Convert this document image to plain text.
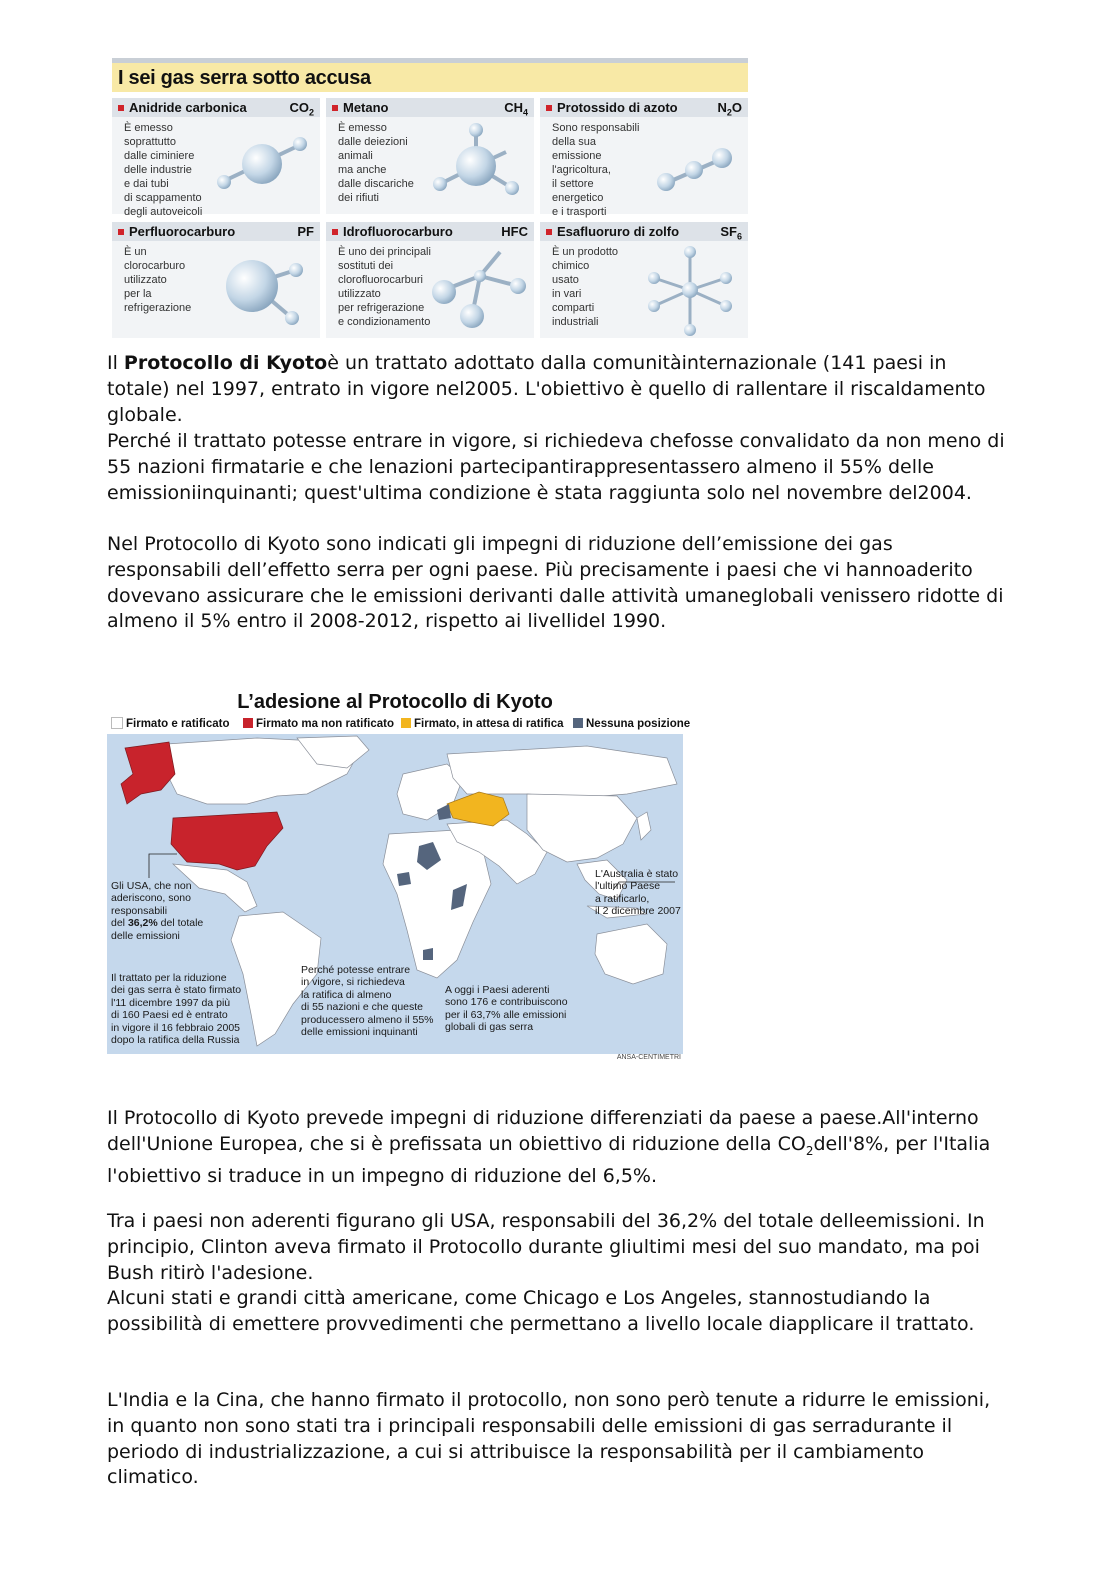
I sei gas serra sotto accusa
Anidride carbonica	$CO_2$
È emesso
soprattutto
dalle ciminiere
delle industrie
e dai tubi
di scappamento
degli autoveicoli
Metano	$CH_4$
È emesso
dalle deiezioni
animali
ma anche
dalle discariche
dei rifiuti
Protossido di azoto	$N_2O$
Sono responsabili
della sua
emissione
l'agricoltura,
il settore
energetico
e i trasporti
Perfluorocarburo	PF
È un
clorocarburo
utilizzato
per la
refrigerazione
Idrofluorocarburo	HFC
È uno dei principali
sostituti dei
clorofluorocarburi
utilizzato
per refrigerazione
e condizionamento
Esafluoruro di zolfo	$SF_6$
È un prodotto
chimico
usato
in vari
comparti
industriali

Il Protocollo di Kyotoè un trattato adottato dalla comunitàinternazionale (141 paesi in totale) nel 1997, entrato in vigore nel2005. L'obiettivo è quello di rallentare il riscaldamento globale.

Perché il trattato potesse entrare in vigore, si richiedeva chefosse convalidato da non meno di 55 nazioni firmatarie e che lenazioni partecipantirappresentassero almeno il 55% delle emissioniinquinanti; quest'ultima condizione è stata raggiunta solo nel novembre del2004.

Nel Protocollo di Kyoto sono indicati gli impegni di riduzione dell’emissione dei gas responsabili dell’effetto serra per ogni paese. Più precisamente i paesi che vi hannoaderito dovevano assicurare che le emissioni derivanti dalle attività umaneglobali venissero ridotte di almeno il 5% entro il 2008-2012, rispetto ai livellidel 1990.

L’adesione al Protocollo di Kyoto
Firmato e ratificato	Firmato ma non ratificato	Firmato, in attesa di ratifica	Nessuna posizione
Gli USA, che non
aderiscono, sono
responsabili
del 36,2% del totale
delle emissioni
L'Australia è stato
l'ultimo Paese
a ratificarlo,
il 2 dicembre 2007
Il trattato per la riduzione
dei gas serra è stato firmato
l'11 dicembre 1997 da più
di 160 Paesi ed è entrato
in vigore il 16 febbraio 2005
dopo la ratifica della Russia
Perché potesse entrare
in vigore, si richiedeva
la ratifica di almeno
di 55 nazioni e che queste
producessero almeno il 55%
delle emissioni inquinanti
A oggi i Paesi aderenti
sono 176 e contribuiscono
per il 63,7% alle emissioni
globali di gas serra
ANSA-CENTIMETRI

Il Protocollo di Kyoto prevede impegni di riduzione differenziati da paese a paese.All'interno dell'Unione Europea, che si è prefissata un obiettivo di riduzione della $CO_2dell'8\%$, per l'Italia l'obiettivo si traduce in un impegno di riduzione del 6,5%.

Tra i paesi non aderenti figurano gli USA, responsabili del 36,2% del totale delleemissioni. In principio, Clinton aveva firmato il Protocollo durante gliultimi mesi del suo mandato, ma poi Bush ritirò l'adesione.

Alcuni stati e grandi città americane, come Chicago e Los Angeles, stannostudiando la possibilità di emettere provvedimenti che permettano a livello locale diapplicare il trattato.

L'India e la Cina, che hanno firmato il protocollo, non sono però tenute a ridurre le emissioni, in quanto non sono stati tra i principali responsabili delle emissioni di gas serradurante il periodo di industrializzazione, a cui si attribuisce la responsabilità per il cambiamento climatico.
